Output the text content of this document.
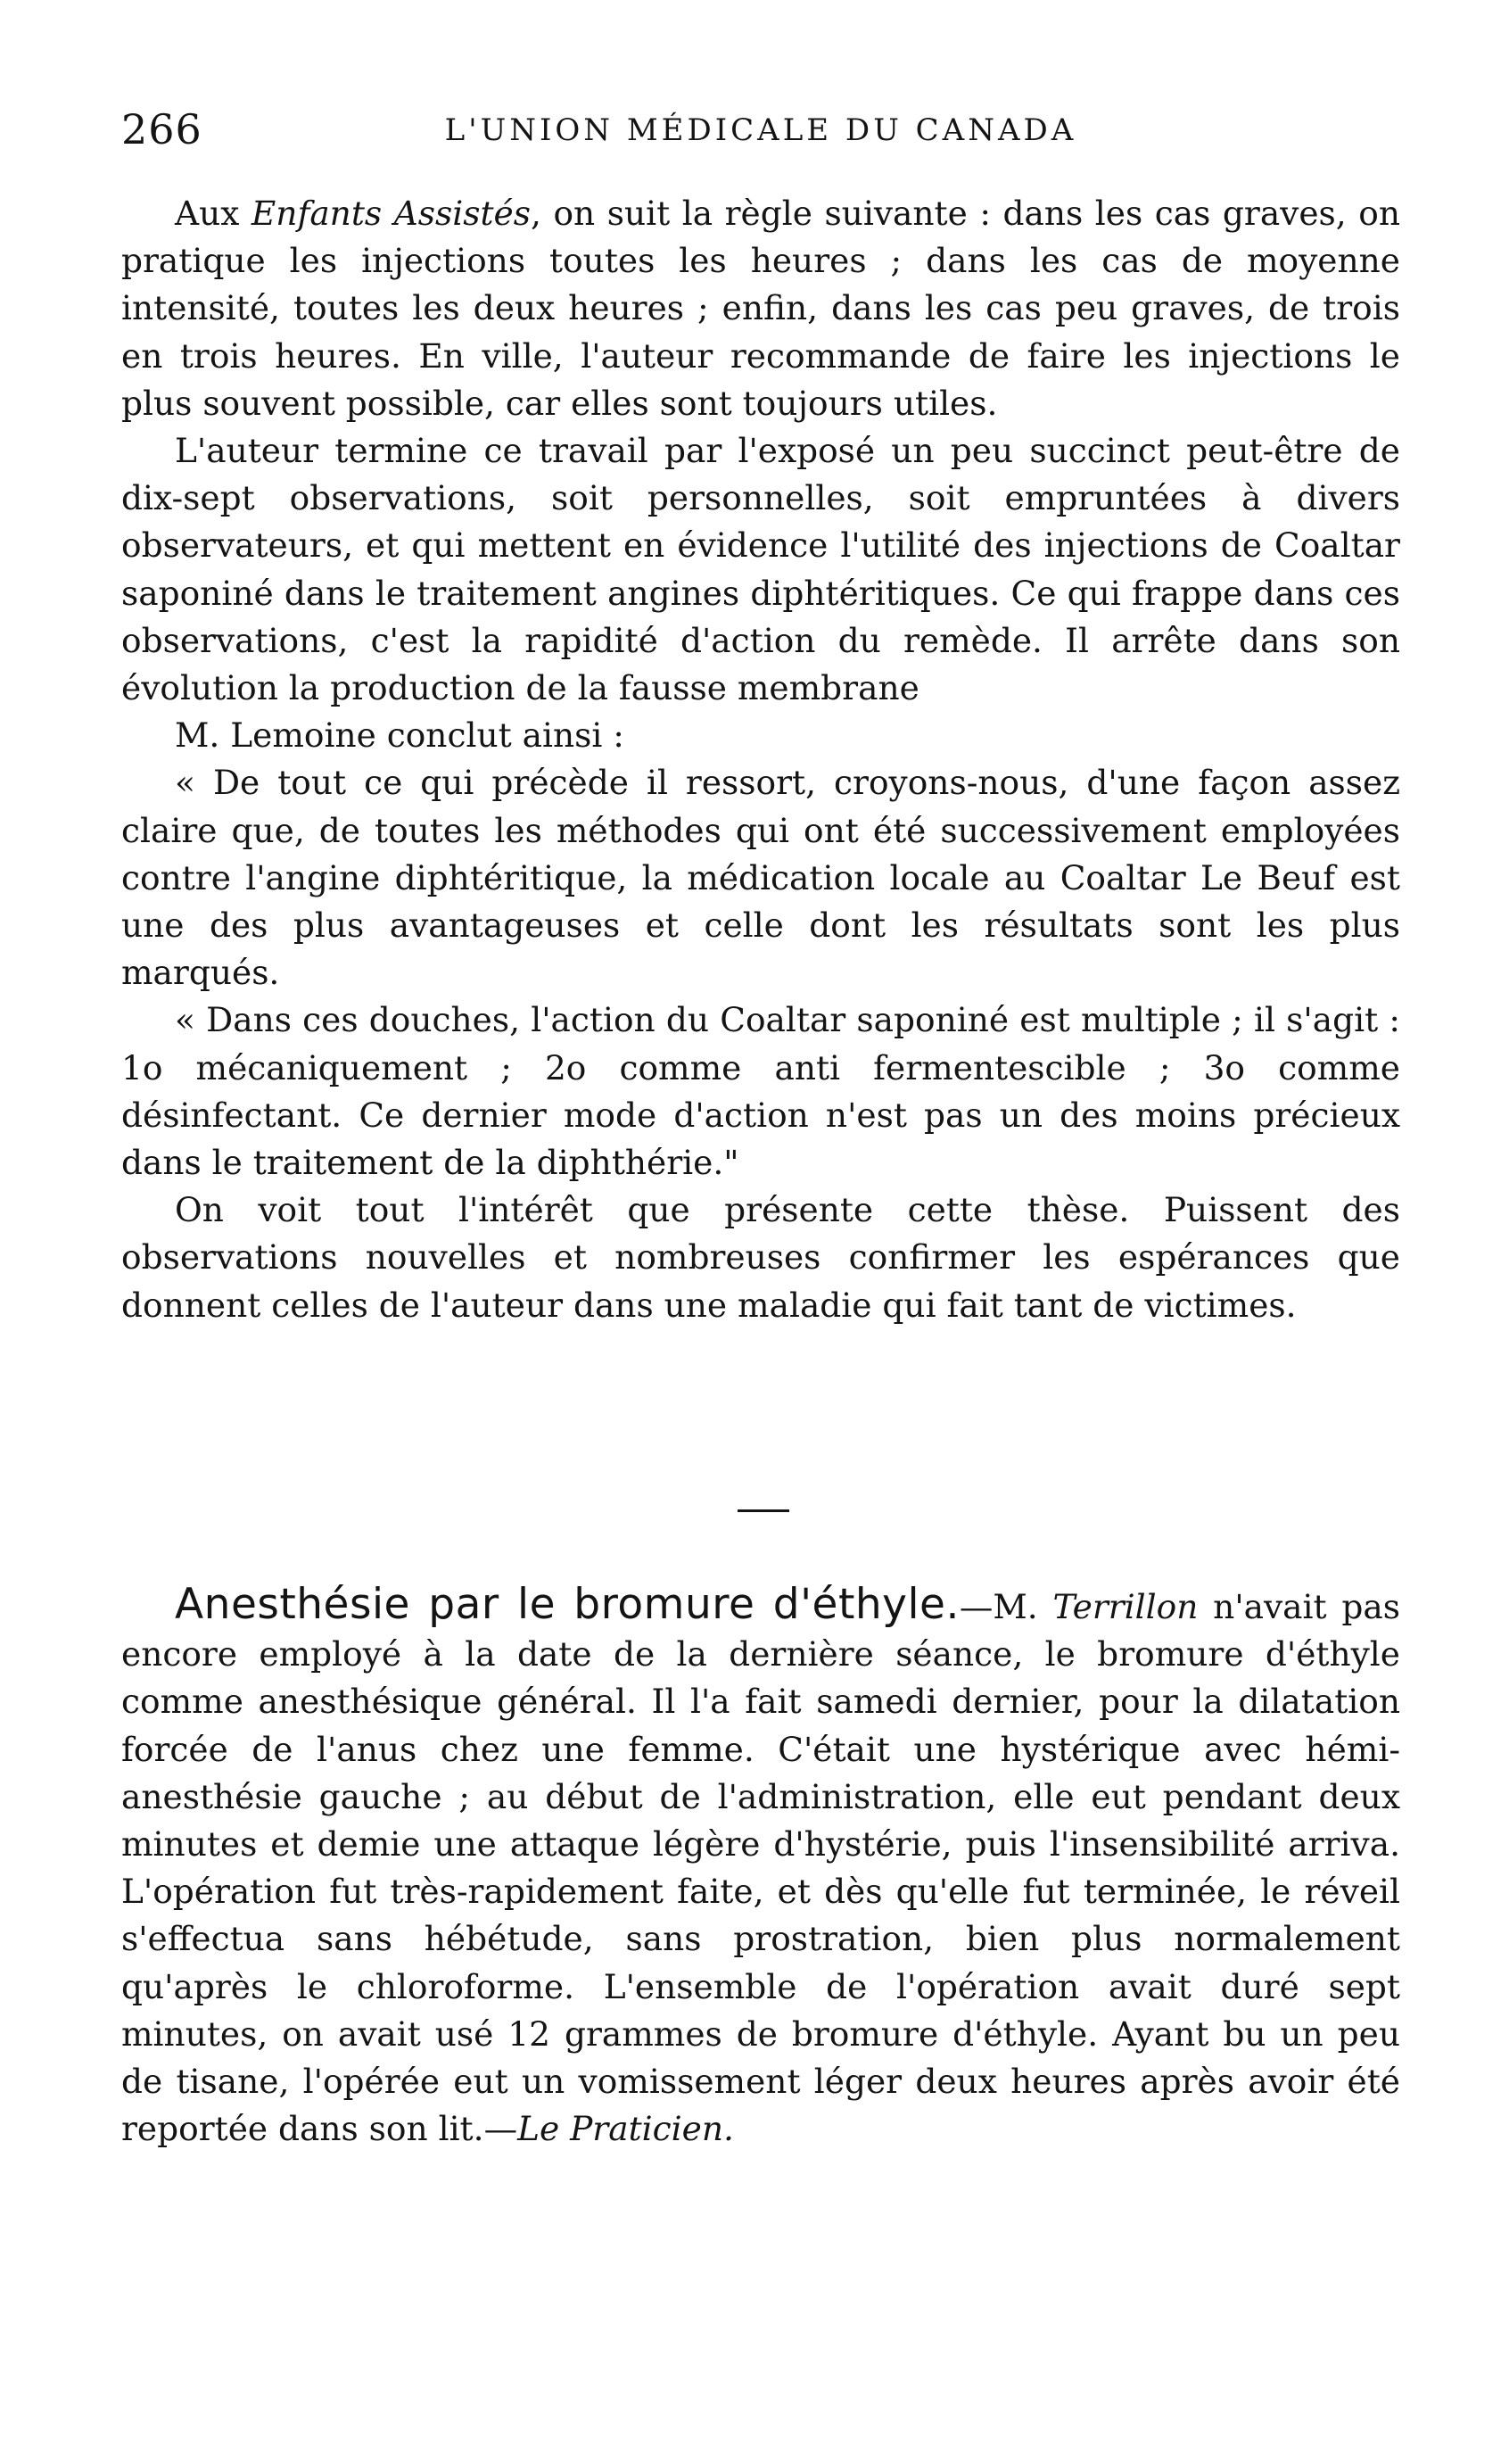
266	L'UNION MÉDICALE DU CANADA

Aux Enfants Assistés, on suit la règle suivante : dans les cas graves, on pratique les injections toutes les heures ; dans les cas de moyenne intensité, toutes les deux heures ; enfin, dans les cas peu graves, de trois en trois heures. En ville, l'auteur recommande de faire les injections le plus souvent possible, car elles sont toujours utiles.

L'auteur termine ce travail par l'exposé un peu succinct peut-être de dix-sept observations, soit personnelles, soit empruntées à divers observateurs, et qui mettent en évidence l'utilité des injections de Coaltar saponiné dans le traitement angines diphtéritiques. Ce qui frappe dans ces observations, c'est la rapidité d'action du remède. Il arrête dans son évolution la production de la fausse membrane

M. Lemoine conclut ainsi :

« De tout ce qui précède il ressort, croyons-nous, d'une façon assez claire que, de toutes les méthodes qui ont été successivement employées contre l'angine diphtéritique, la médication locale au Coaltar Le Beuf est une des plus avantageuses et celle dont les résultats sont les plus marqués.

« Dans ces douches, l'action du Coaltar saponiné est multiple ; il s'agit : 1o mécaniquement ; 2o comme anti fermentescible ; 3o comme désinfectant. Ce dernier mode d'action n'est pas un des moins précieux dans le traitement de la diphthérie."

On voit tout l'intérêt que présente cette thèse. Puissent des observations nouvelles et nombreuses confirmer les espérances que donnent celles de l'auteur dans une maladie qui fait tant de victimes.

Anesthésie par le bromure d'éthyle.—M. Terrillon n'avait pas encore employé à la date de la dernière séance, le bromure d'éthyle comme anesthésique général. Il l'a fait samedi dernier, pour la dilatation forcée de l'anus chez une femme. C'était une hystérique avec hémi-anesthésie gauche ; au début de l'administration, elle eut pendant deux minutes et demie une attaque légère d'hystérie, puis l'insensibilité arriva. L'opération fut très-rapidement faite, et dès qu'elle fut terminée, le réveil s'effectua sans hébétude, sans prostration, bien plus normalement qu'après le chloroforme. L'ensemble de l'opération avait duré sept minutes, on avait usé 12 grammes de bromure d'éthyle. Ayant bu un peu de tisane, l'opérée eut un vomissement léger deux heures après avoir été reportée dans son lit.—Le Praticien.
